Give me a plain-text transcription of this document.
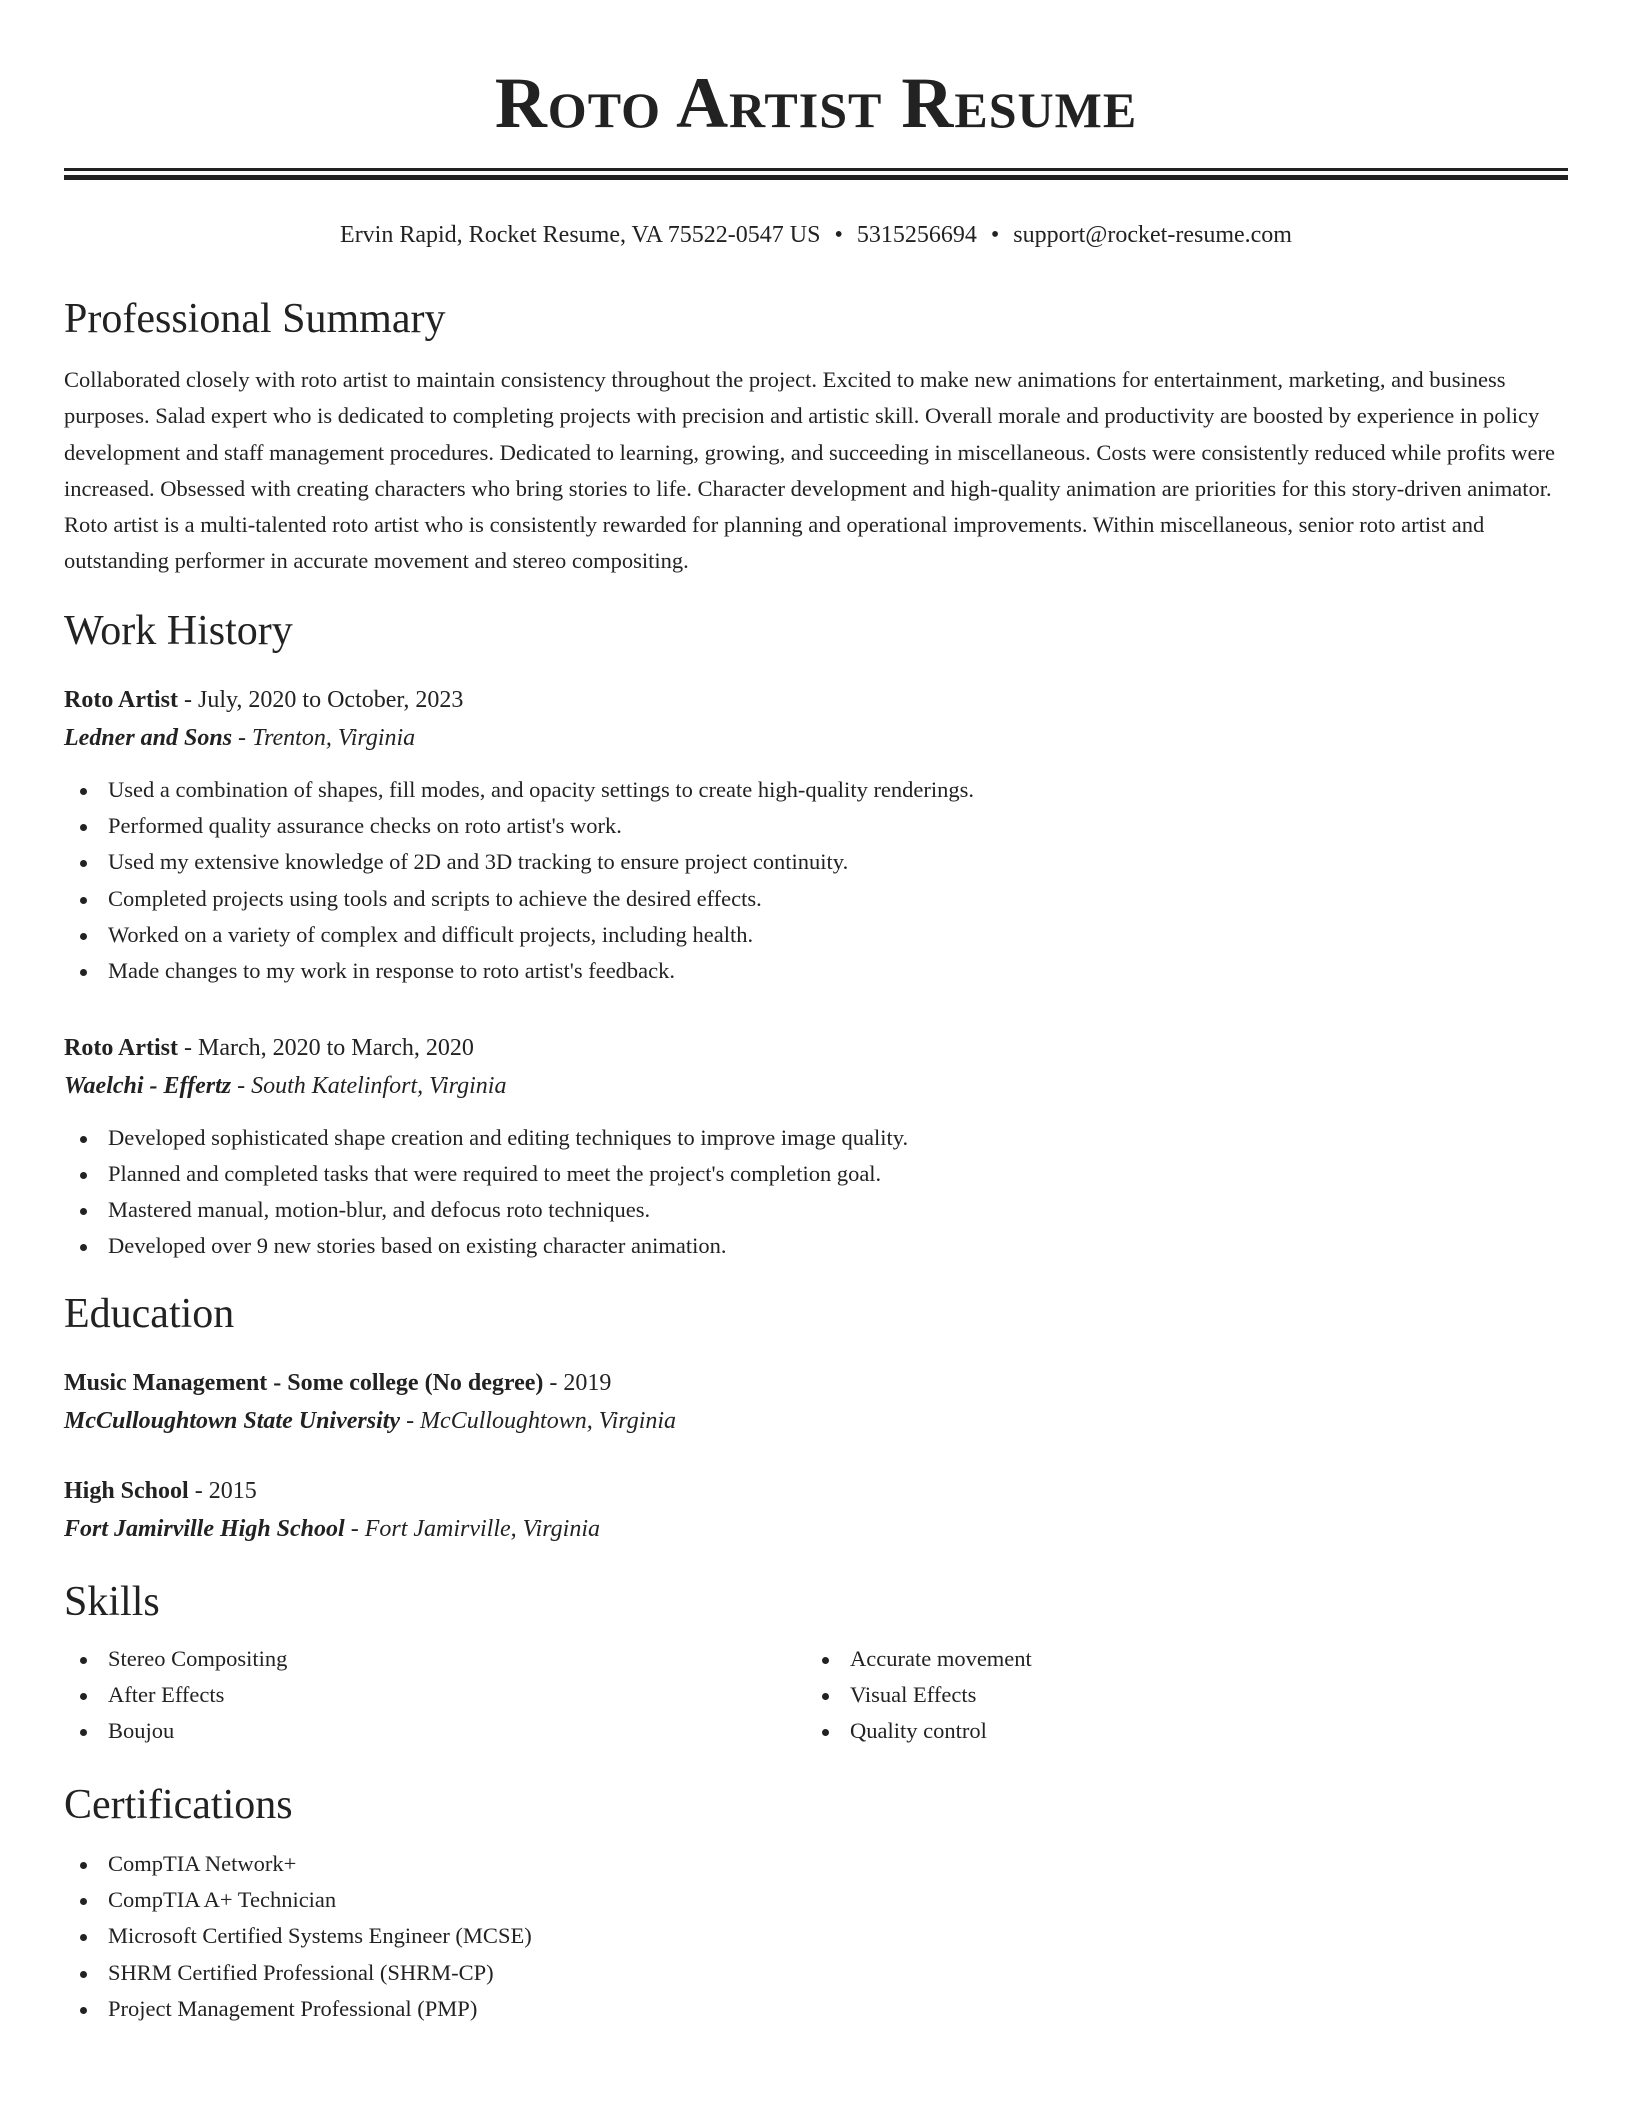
Roto Artist Resume
Ervin Rapid, Rocket Resume, VA 75522-0547 US • 5315256694 • support@rocket-resume.com
Professional Summary

Collaborated closely with roto artist to maintain consistency throughout the project. Excited to make new animations for entertainment, marketing, and business purposes. Salad expert who is dedicated to completing projects with precision and artistic skill. Overall morale and productivity are boosted by experience in policy development and staff management procedures. Dedicated to learning, growing, and succeeding in miscellaneous. Costs were consistently reduced while profits were increased. Obsessed with creating characters who bring stories to life. Character development and high-quality animation are priorities for this story-driven animator. Roto artist is a multi-talented roto artist who is consistently rewarded for planning and operational improvements. Within miscellaneous, senior roto artist and outstanding performer in accurate movement and stereo compositing.

Work History
Roto Artist - July, 2020 to October, 2023
Ledner and Sons - Trenton, Virginia
Used a combination of shapes, fill modes, and opacity settings to create high-quality renderings.
Performed quality assurance checks on roto artist's work.
Used my extensive knowledge of 2D and 3D tracking to ensure project continuity.
Completed projects using tools and scripts to achieve the desired effects.
Worked on a variety of complex and difficult projects, including health.
Made changes to my work in response to roto artist's feedback.
Roto Artist - March, 2020 to March, 2020
Waelchi - Effertz - South Katelinfort, Virginia
Developed sophisticated shape creation and editing techniques to improve image quality.
Planned and completed tasks that were required to meet the project's completion goal.
Mastered manual, motion-blur, and defocus roto techniques.
Developed over 9 new stories based on existing character animation.
Education
Music Management - Some college (No degree) - 2019
McCulloughtown State University - McCulloughtown, Virginia
High School - 2015
Fort Jamirville High School - Fort Jamirville, Virginia
Skills
Stereo Compositing
After Effects
Boujou
Accurate movement
Visual Effects
Quality control
Certifications
CompTIA Network+
CompTIA A+ Technician
Microsoft Certified Systems Engineer (MCSE)
SHRM Certified Professional (SHRM-CP)
Project Management Professional (PMP)
